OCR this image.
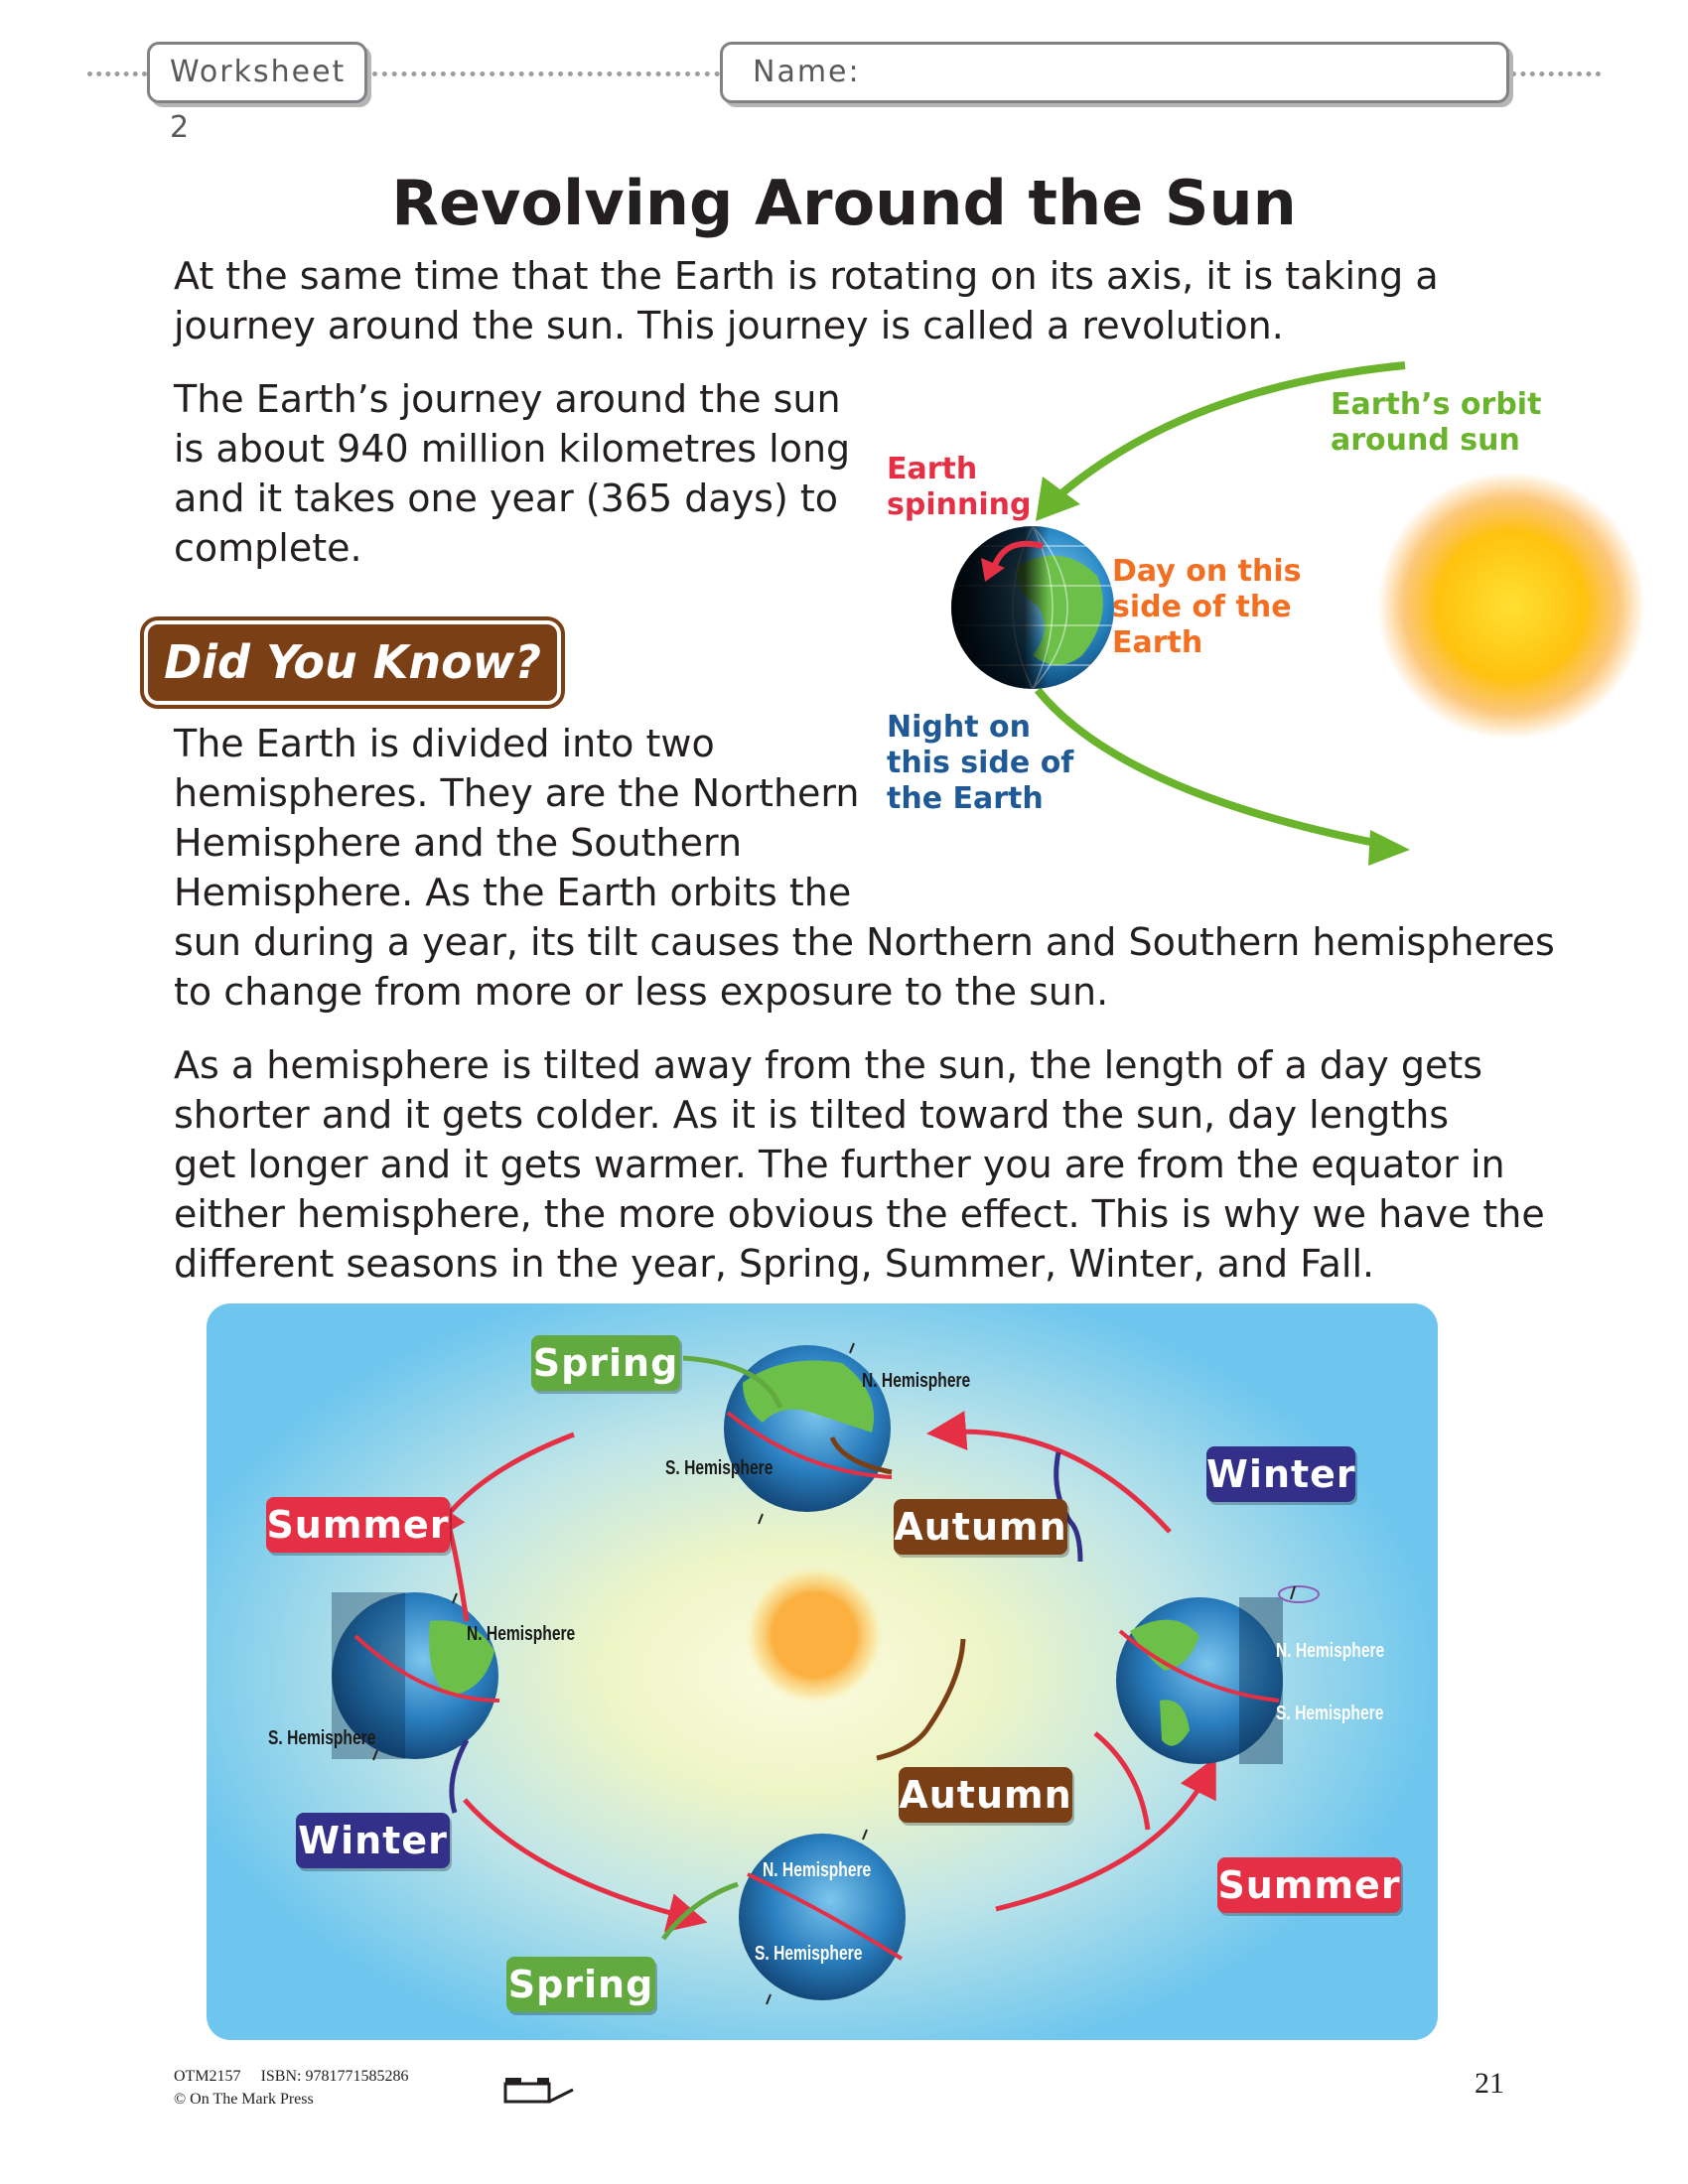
Worksheet 2
Name:
Revolving Around the Sun
At the same time that the Earth is rotating on its axis, it is taking a
journey around the sun. This journey is called a revolution.
The Earth’s journey around the sun
is about 940 million kilometres long
and it takes one year (365 days) to
complete.
Did You Know?
The Earth is divided into two
hemispheres. They are the Northern
Hemisphere and the Southern
Hemisphere. As the Earth orbits the
sun during a year, its tilt causes the Northern and Southern hemispheres
to change from more or less exposure to the sun.
As a hemisphere is tilted away from the sun, the length of a day gets
shorter and it gets colder. As it is tilted toward the sun, day lengths
get longer and it gets warmer. The further you are from the equator in
either hemisphere, the more obvious the effect. This is why we have the
different seasons in the year, Spring, Summer, Winter, and Fall.
Earth
spinning
Earth’s orbit
around sun
Day on this
side of the
Earth
Night on
this side of
the Earth
Spring
Autumn
Summer
Winter
Winter
Summer
Autumn
Spring
N. Hemisphere
S. Hemisphere
N. Hemisphere
S. Hemisphere
N. Hemisphere
S. Hemisphere
N. Hemisphere
S. Hemisphere
OTM2157 ISBN: 9781771585286
© On The Mark Press	21
